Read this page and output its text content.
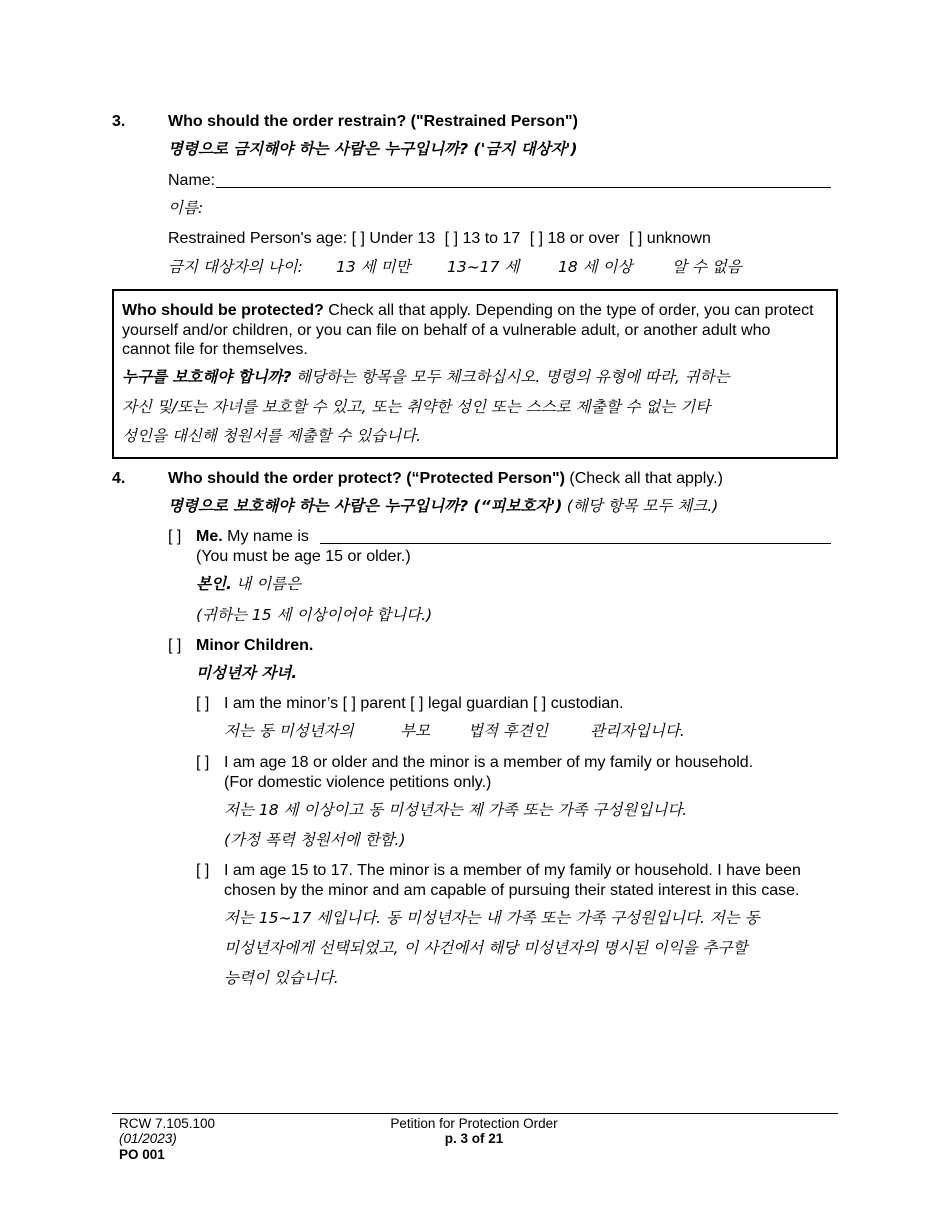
3.	Who should the order restrain? ("Restrained Person")
명령으로 금지해야 하는 사람은 누구입니까? ('금지 대상자')
Name:
이름:
Restrained Person's age: [ ] Under 13 [ ] 13 to 17 [ ] 18 or over [ ] unknown
금지 대상자의 나이: 13 세 미만 13~17 세 18 세 이상	알 수 없음
Who should be protected? Check all that apply. Depending on the type of order, you can protect yourself and/or children, or you can file on behalf of a vulnerable adult, or another adult who cannot file for themselves.
누구를 보호해야 합니까? 해당하는 항목을 모두 체크하십시오. 명령의 유형에 따라, 귀하는
자신 및/또는 자녀를 보호할 수 있고, 또는 취약한 성인 또는 스스로 제출할 수 없는 기타
성인을 대신해 청원서를 제출할 수 있습니다.
4.	Who should the order protect? (“Protected Person") (Check all that apply.)
명령으로 보호해야 하는 사람은 누구입니까? (“피보호자') (해당 항목 모두 체크.)
[ ] Me. My name is
(You must be age 15 or older.)
본인. 내 이름은
(귀하는 15 세 이상이어야 합니다.)
[ ] Minor Children.
미성년자 자녀.
[ ] I am the minor’s [ ] parent [ ] legal guardian [ ] custodian.
저는 동 미성년자의	부모 법적 후견인	관리자입니다.
[ ] I am age 18 or older and the minor is a member of my family or household.
(For domestic violence petitions only.)
저는 18 세 이상이고 동 미성년자는 제 가족 또는 가족 구성원입니다.
(가정 폭력 청원서에 한함.)
[ ] I am age 15 to 17. The minor is a member of my family or household. I have been
chosen by the minor and am capable of pursuing their stated interest in this case.
저는 15~17 세입니다. 동 미성년자는 내 가족 또는 가족 구성원입니다. 저는 동
미성년자에게 선택되었고, 이 사건에서 해당 미성년자의 명시된 이익을 추구할
능력이 있습니다.
RCW 7.105.100
(01/2023)
PO 001
Petition for Protection Order
p. 3 of 21
